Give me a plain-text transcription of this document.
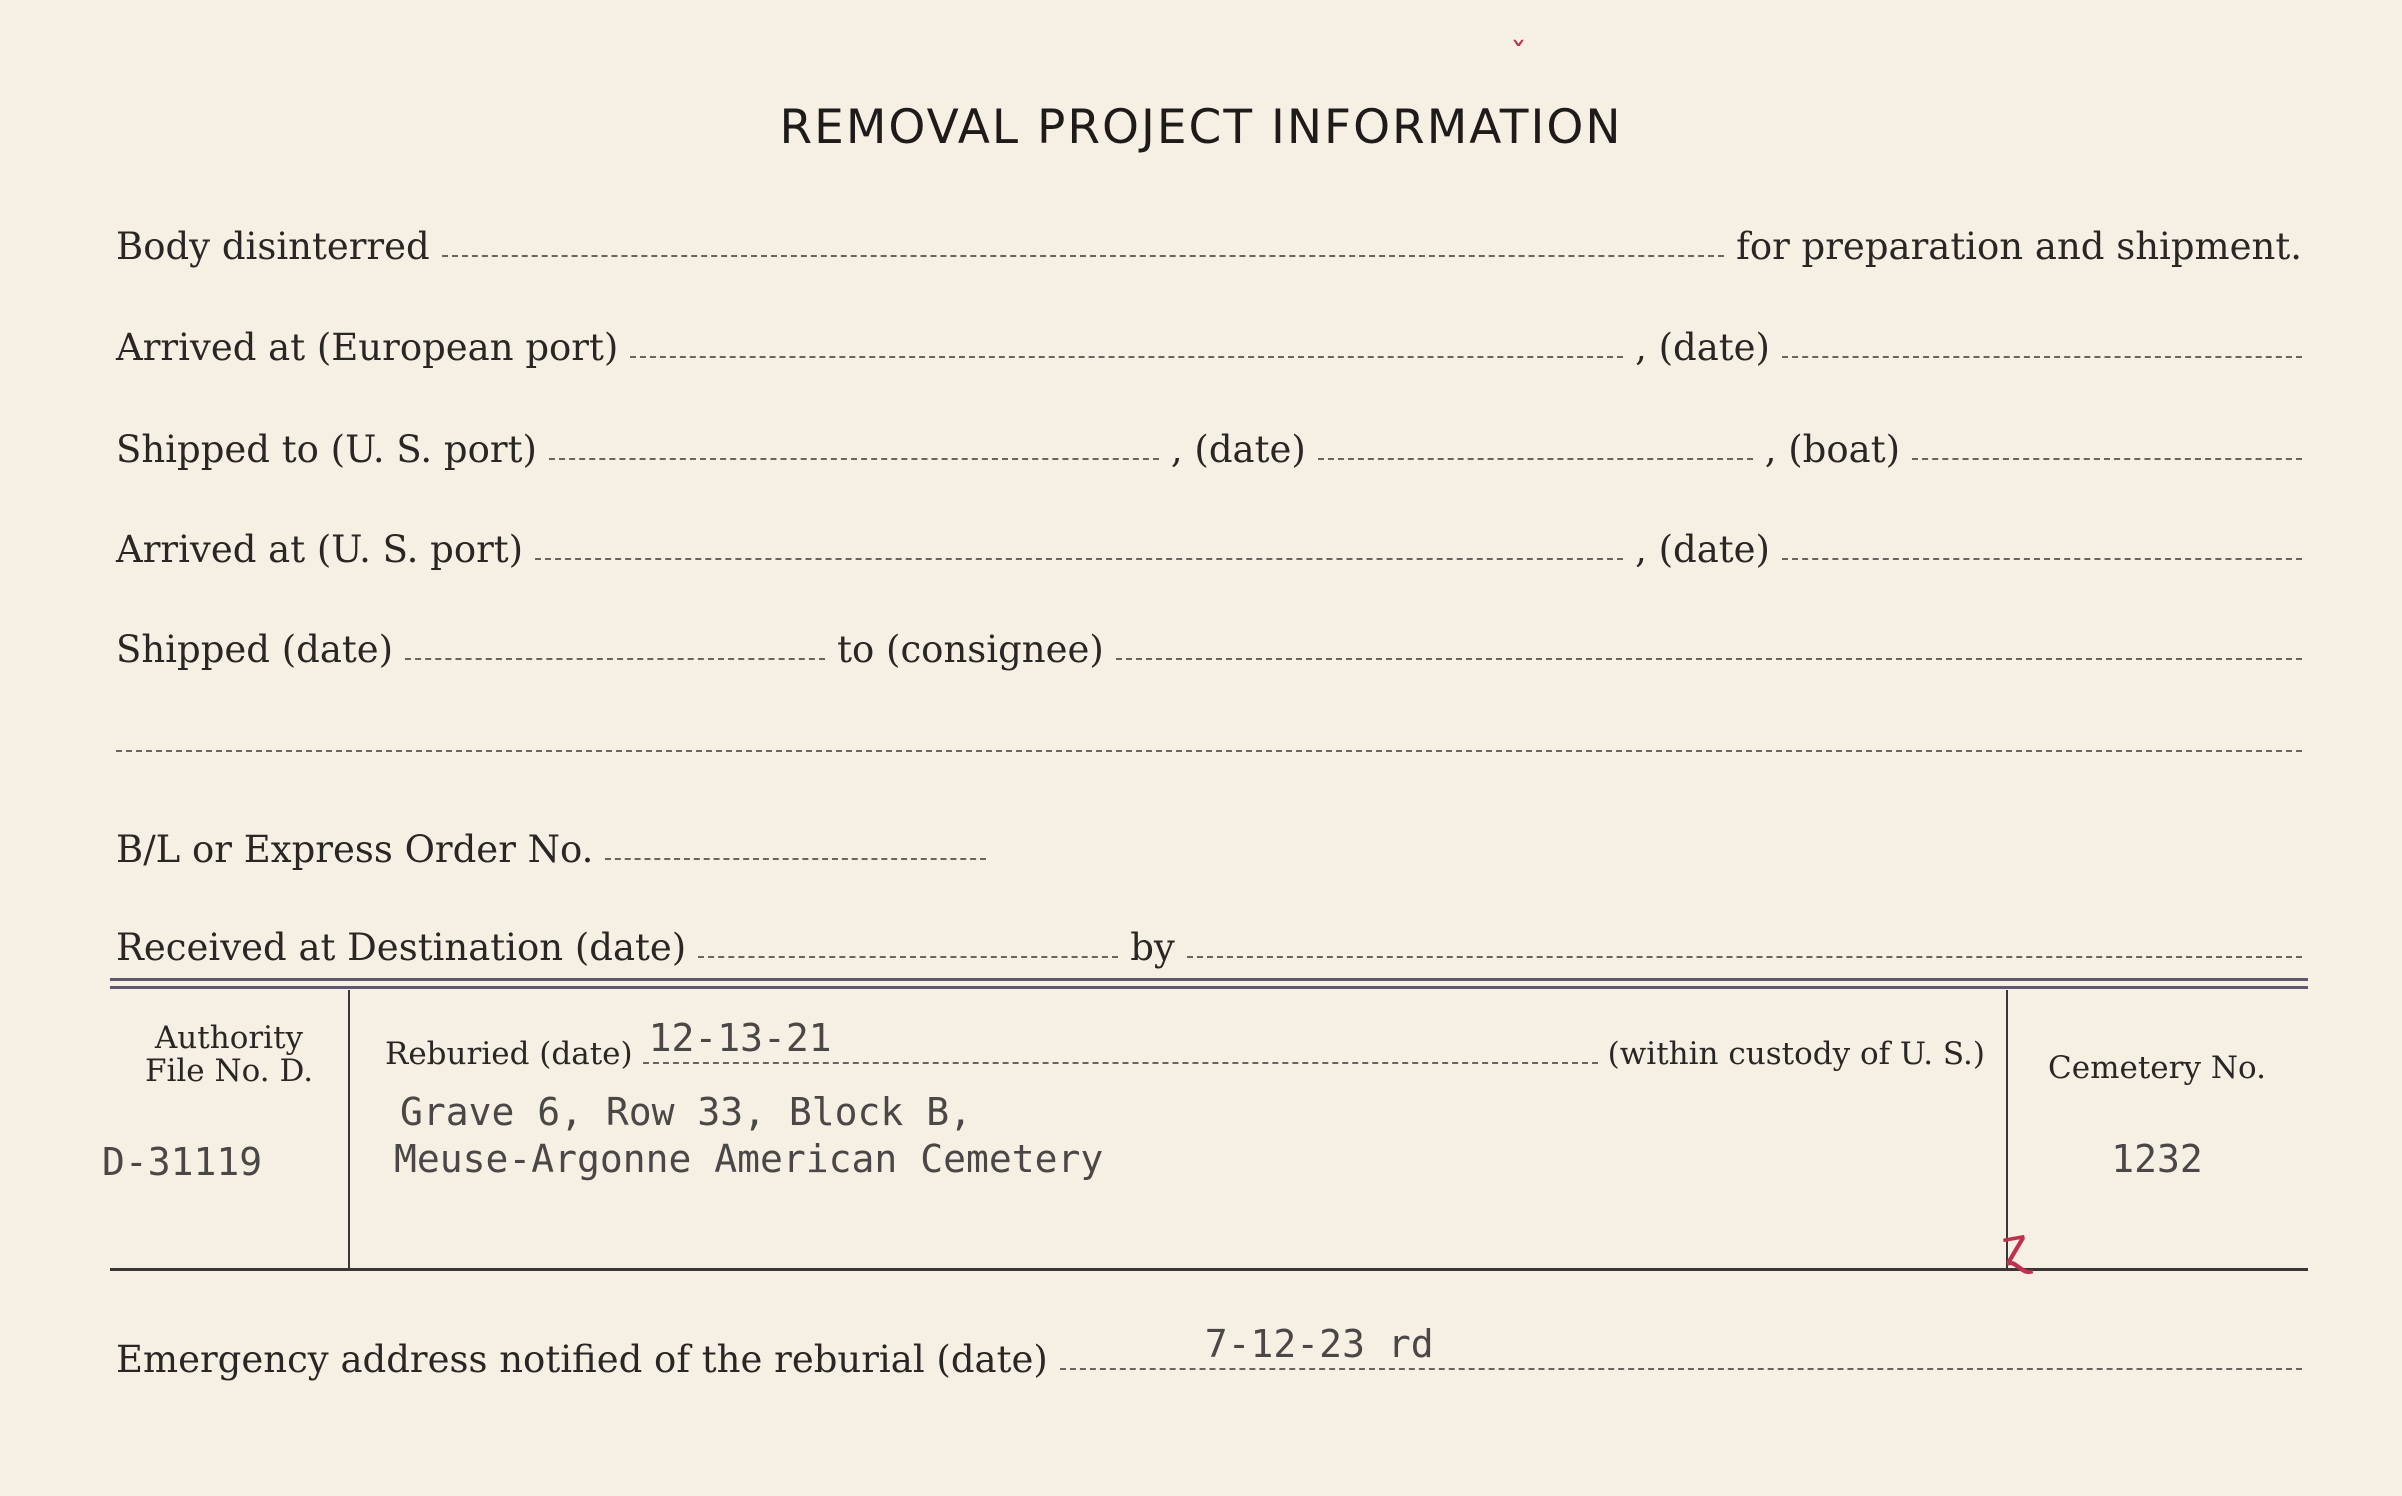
REMOVAL PROJECT INFORMATION
Body disinterred	for preparation and shipment.
Arrived at (European port)	, (date)
Shipped to (U. S. port)	, (date)	, (boat)
Arrived at (U. S. port)	, (date)
Shipped (date)	to (consignee)
B/L or Express Order No.
Received at Destination (date)	by
Authority
File No. D.
D-31119
Reburied (date) 12-13-21	(within custody of U. S.)
Grave 6, Row 33, Block B,
Meuse-Argonne American Cemetery
Cemetery No.
1232
Emergency address notified of the reburial (date)	7-12-23 rd
ˇ
ɀ
